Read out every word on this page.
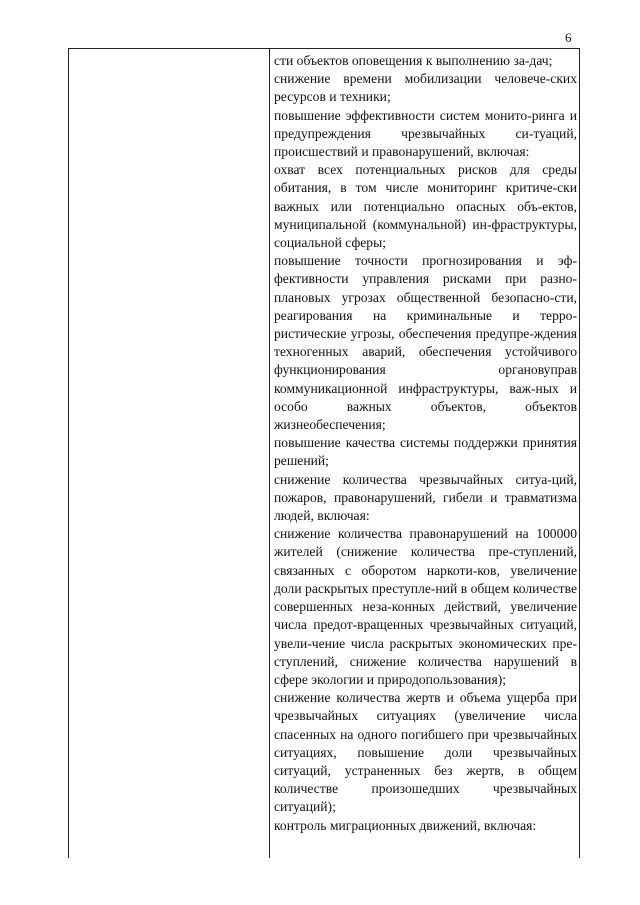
6

сти объектов оповещения к выполнению за-дач;

снижение времени мобилизации человече-ских ресурсов и техники;

повышение эффективности систем монито-ринга и предупреждения чрезвычайных си-туаций, происшествий и правонарушений, включая:

охват всех потенциальных рисков для среды обитания, в том числе мониторинг критиче-ски важных или потенциально опасных объ-ектов, муниципальной (коммунальной) ин-фраструктуры, социальной сферы;

повышение точности прогнозирования и эф-фективности управления рисками при разно-плановых угрозах общественной безопасно-сти, реагирования на криминальные и терро-ристические угрозы, обеспечения предупре-ждения техногенных аварий, обеспечения устойчивого функционирования органовуправ коммуникационной инфраструктуры, важ-ных и особо важных объектов, объектов жизнеобеспечения;

повышение качества системы поддержки принятия решений;

снижение количества чрезвычайных ситуа-ций, пожаров, правонарушений, гибели и травматизма людей, включая:

снижение количества правонарушений на 100000 жителей (снижение количества пре-ступлений, связанных с оборотом наркоти-ков, увеличение доли раскрытых преступле-ний в общем количестве совершенных неза-конных действий, увеличение числа предот-вращенных чрезвычайных ситуаций, увели-чение числа раскрытых экономических пре-ступлений, снижение количества нарушений в сфере экологии и природопользования);

снижение количества жертв и объема ущерба при чрезвычайных ситуациях (увеличение числа спасенных на одного погибшего при чрезвычайных ситуациях, повышение доли чрезвычайных ситуаций, устраненных без жертв, в общем количестве произошедших чрезвычайных ситуаций);

контроль миграционных движений, включая:
